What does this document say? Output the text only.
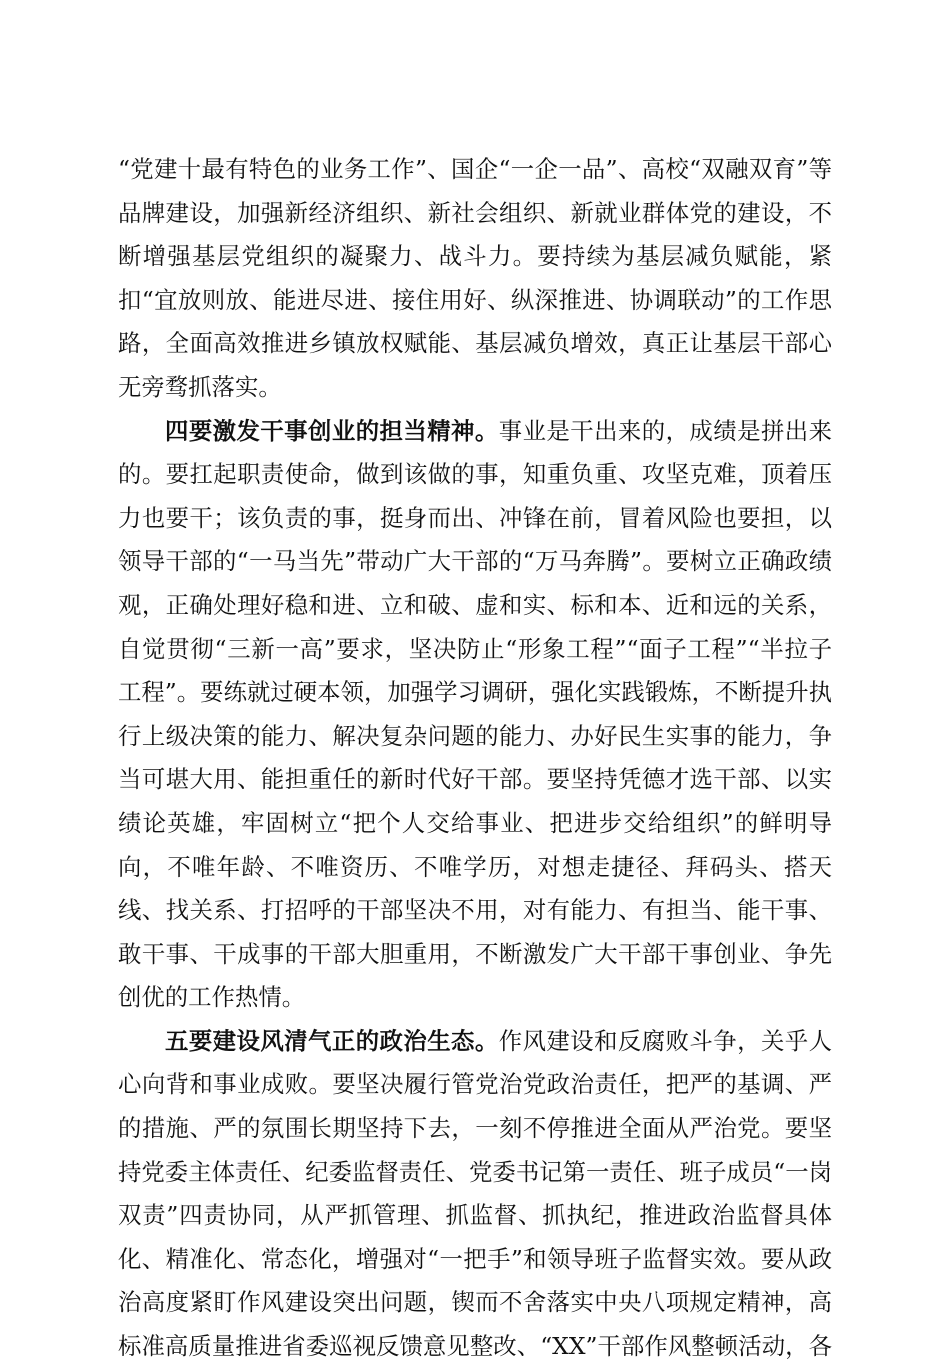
“党建十最有特色的业务工作”、国企“一企一品”、高校“双融双育”等品牌建设，加强新经济组织、新社会组织、新就业群体党的建设，不断增强基层党组织的凝聚力、战斗力。要持续为基层减负赋能，紧扣“宜放则放、能进尽进、接住用好、纵深推进、协调联动”的工作思路，全面高效推进乡镇放权赋能、基层减负增效，真正让基层干部心无旁骛抓落实。

四要激发干事创业的担当精神。事业是干出来的，成绩是拼出来的。要扛起职责使命，做到该做的事，知重负重、攻坚克难，顶着压力也要干；该负责的事，挺身而出、冲锋在前，冒着风险也要担，以领导干部的“一马当先”带动广大干部的“万马奔腾”。要树立正确政绩观，正确处理好稳和进、立和破、虚和实、标和本、近和远的关系，自觉贯彻“三新一高”要求，坚决防止“形象工程”“面子工程”“半拉子工程”。要练就过硬本领，加强学习调研，强化实践锻炼，不断提升执行上级决策的能力、解决复杂问题的能力、办好民生实事的能力，争当可堪大用、能担重任的新时代好干部。要坚持凭德才选干部、以实绩论英雄，牢固树立“把个人交给事业、把进步交给组织”的鲜明导向，不唯年龄、不唯资历、不唯学历，对想走捷径、拜码头、搭天线、找关系、打招呼的干部坚决不用，对有能力、有担当、能干事、敢干事、干成事的干部大胆重用，不断激发广大干部干事创业、争先创优的工作热情。

五要建设风清气正的政治生态。作风建设和反腐败斗争，关乎人心向背和事业成败。要坚决履行管党治党政治责任，把严的基调、严的措施、严的氛围长期坚持下去，一刻不停推进全面从严治党。要坚持党委主体责任、纪委监督责任、党委书记第一责任、班子成员“一岗双责”四责协同，从严抓管理、抓监督、抓执纪，推进政治监督具体化、精准化、常态化，增强对“一把手”和领导班子监督实效。要从政治高度紧盯作风建设突出问题，锲而不舍落实中央八项规定精神，高标准高质量推进省委巡视反馈意见整改、“XX”干部作风整顿活动，各
